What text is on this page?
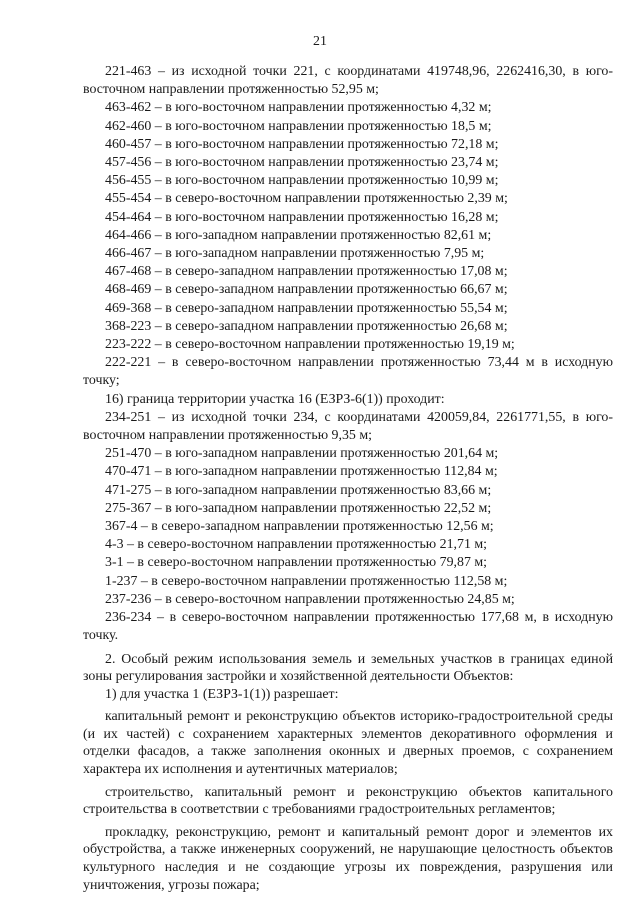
21

221-463 – из исходной точки 221, с координатами 419748,96, 2262416,30, в юго-восточном направлении протяженностью 52,95 м;

463-462 – в юго-восточном направлении протяженностью 4,32 м;

462-460 – в юго-восточном направлении протяженностью 18,5 м;

460-457 – в юго-восточном направлении протяженностью 72,18 м;

457-456 – в юго-восточном направлении протяженностью 23,74 м;

456-455 – в юго-восточном направлении протяженностью 10,99 м;

455-454 – в северо-восточном направлении протяженностью 2,39 м;

454-464 – в юго-восточном направлении протяженностью 16,28 м;

464-466 – в юго-западном направлении протяженностью 82,61 м;

466-467 – в юго-западном направлении протяженностью 7,95 м;

467-468 – в северо-западном направлении протяженностью 17,08 м;

468-469 – в северо-западном направлении протяженностью 66,67 м;

469-368 – в северо-западном направлении протяженностью 55,54 м;

368-223 – в северо-западном направлении протяженностью 26,68 м;

223-222 – в северо-восточном направлении протяженностью 19,19 м;

222-221 – в северо-восточном направлении протяженностью 73,44 м в исходную точку;

16) граница территории участка 16 (ЕЗРЗ-6(1)) проходит:

234-251 – из исходной точки 234, с координатами 420059,84, 2261771,55, в юго-восточном направлении протяженностью 9,35 м;

251-470 – в юго-западном направлении протяженностью 201,64 м;

470-471 – в юго-западном направлении протяженностью 112,84 м;

471-275 – в юго-западном направлении протяженностью 83,66 м;

275-367 – в юго-западном направлении протяженностью 22,52 м;

367-4 – в северо-западном направлении протяженностью 12,56 м;

4-3 – в северо-восточном направлении протяженностью 21,71 м;

3-1 – в северо-восточном направлении протяженностью 79,87 м;

1-237 – в северо-восточном направлении протяженностью 112,58 м;

237-236 – в северо-восточном направлении протяженностью 24,85 м;

236-234 – в северо-восточном направлении протяженностью 177,68 м, в исходную точку.

2. Особый режим использования земель и земельных участков в границах единой зоны регулирования застройки и хозяйственной деятельности Объектов:

1) для участка 1 (ЕЗРЗ-1(1)) разрешает:

капитальный ремонт и реконструкцию объектов историко-градостроительной среды (и их частей) с сохранением характерных элементов декоративного оформления и отделки фасадов, а также заполнения оконных и дверных проемов, с сохранением характера их исполнения и аутентичных материалов;

строительство, капитальный ремонт и реконструкцию объектов капитального строительства в соответствии с требованиями градостроительных регламентов;

прокладку, реконструкцию, ремонт и капитальный ремонт дорог и элементов их обустройства, а также инженерных сооружений, не нарушающие целостность объектов культурного наследия и не создающие угрозы их повреждения, разрушения или уничтожения, угрозы пожара;
